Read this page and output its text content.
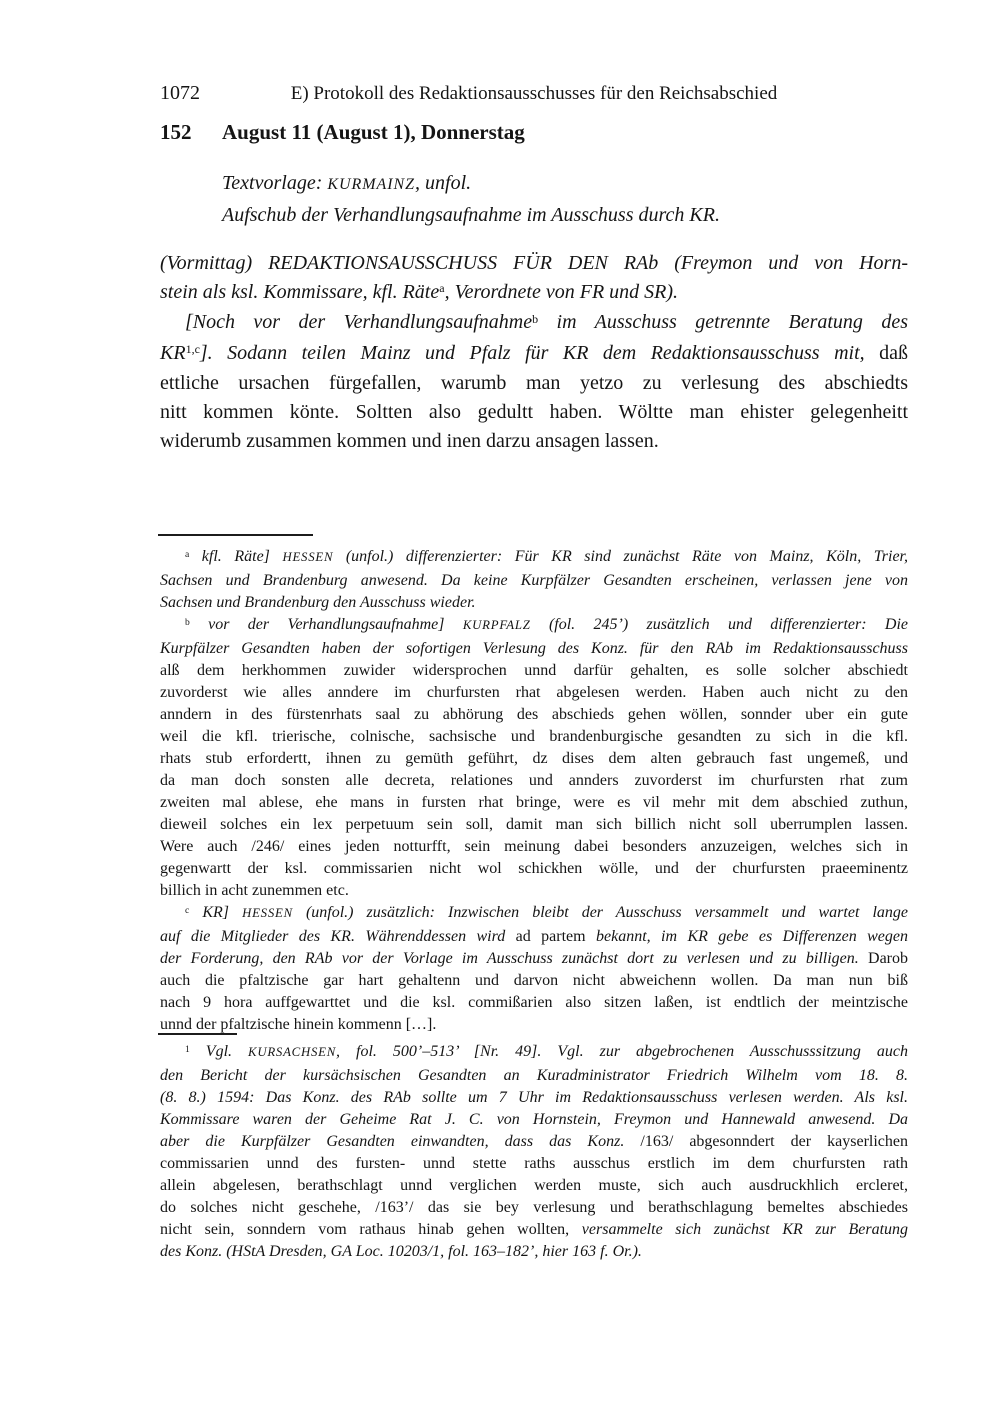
1072	E) Protokoll des Redaktionsausschusses für den Reichsabschied
152 August 11 (August 1), Donnerstag
Textvorlage: KURMAINZ, unfol.
Aufschub der Verhandlungsaufnahme im Ausschuss durch KR.
(Vormittag) REDAKTIONSAUSSCHUSS FÜR DEN RAb (Freymon und von Horn-
stein als ksl. Kommissare, kfl. Räte$^a$, Verordnete von FR und SR).
[Noch vor der Verhandlungsaufnahme$^b$ im Ausschuss getrennte Beratung des
KR$^{1,c}$]. Sodann teilen Mainz und Pfalz für KR dem Redaktionsausschuss mit, daß
ettliche ursachen fürgefallen, warumb man yetzo zu verlesung des abschiedts
nitt kommen könte. Soltten also gedultt haben. Wöltte man ehister gelegenheitt
widerumb zusammen kommen und inen darzu ansagen lassen.
$^a$ kfl. Räte] HESSEN (unfol.) differenzierter: Für KR sind zunächst Räte von Mainz, Köln, Trier,
Sachsen und Brandenburg anwesend. Da keine Kurpfälzer Gesandten erscheinen, verlassen jene von
Sachsen und Brandenburg den Ausschuss wieder.
$^b$ vor der Verhandlungsaufnahme] KURPFALZ (fol. 245’) zusätzlich und differenzierter: Die
Kurpfälzer Gesandten haben der sofortigen Verlesung des Konz. für den RAb im Redaktionsausschuss
alß dem herkhommen zuwider widersprochen unnd darfür gehalten, es solle solcher abschiedt
zuvorderst wie alles anndere im churfursten rhat abgelesen werden. Haben auch nicht zu den
anndern in des fürstenrhats saal zu abhörung des abschieds gehen wöllen, sonnder uber ein gute
weil die kfl. trierische, colnische, sachsische und brandenburgische gesandten zu sich in die kfl.
rhats stub erfordertt, ihnen zu gemüth geführt, dz dises dem alten gebrauch fast ungemeß, und
da man doch sonsten alle decreta, relationes und annders zuvorderst im churfursten rhat zum
zweiten mal ablese, ehe mans in fursten rhat bringe, were es vil mehr mit dem abschied zuthun,
dieweil solches ein lex perpetuum sein soll, damit man sich billich nicht soll uberrumplen lassen.
Were auch /246/ eines jeden notturfft, sein meinung dabei besonders anzuzeigen, welches sich in
gegenwartt der ksl. commissarien nicht wol schickhen wölle, und der churfursten praeeminentz
billich in acht zunemmen etc.
$^c$ KR] HESSEN (unfol.) zusätzlich: Inzwischen bleibt der Ausschuss versammelt und wartet lange
auf die Mitglieder des KR. Währenddessen wird ad partem bekannt, im KR gebe es Differenzen wegen
der Forderung, den RAb vor der Vorlage im Ausschuss zunächst dort zu verlesen und zu billigen. Darob
auch die pfaltzische gar hart gehaltenn und darvon nicht abweichenn wollen. Da man nun biß
nach 9 hora auffgewarttet und die ksl. commißarien also sitzen laßen, ist endtlich der meintzische
unnd der pfaltzische hinein kommenn […].
$^1$ Vgl. KURSACHSEN, fol. 500’–513’ [Nr. 49]. Vgl. zur abgebrochenen Ausschusssitzung auch
den Bericht der kursächsischen Gesandten an Kuradministrator Friedrich Wilhelm vom 18. 8.
(8. 8.) 1594: Das Konz. des RAb sollte um 7 Uhr im Redaktionsausschuss verlesen werden. Als ksl.
Kommissare waren der Geheime Rat J. C. von Hornstein, Freymon und Hannewald anwesend. Da
aber die Kurpfälzer Gesandten einwandten, dass das Konz. /163/ abgesonndert der kayserlichen
commissarien unnd des fursten- unnd stette raths ausschus erstlich im dem churfursten rath
allein abgelesen, berathschlagt unnd verglichen werden muste, sich auch ausdruckhlich ercleret,
do solches nicht geschehe, /163’/ das sie bey verlesung und berathschlagung bemeltes abschiedes
nicht sein, sonndern vom rathaus hinab gehen wollten, versammelte sich zunächst KR zur Beratung
des Konz. (HStA Dresden, GA Loc. 10203/1, fol. 163–182’, hier 163 f. Or.).
